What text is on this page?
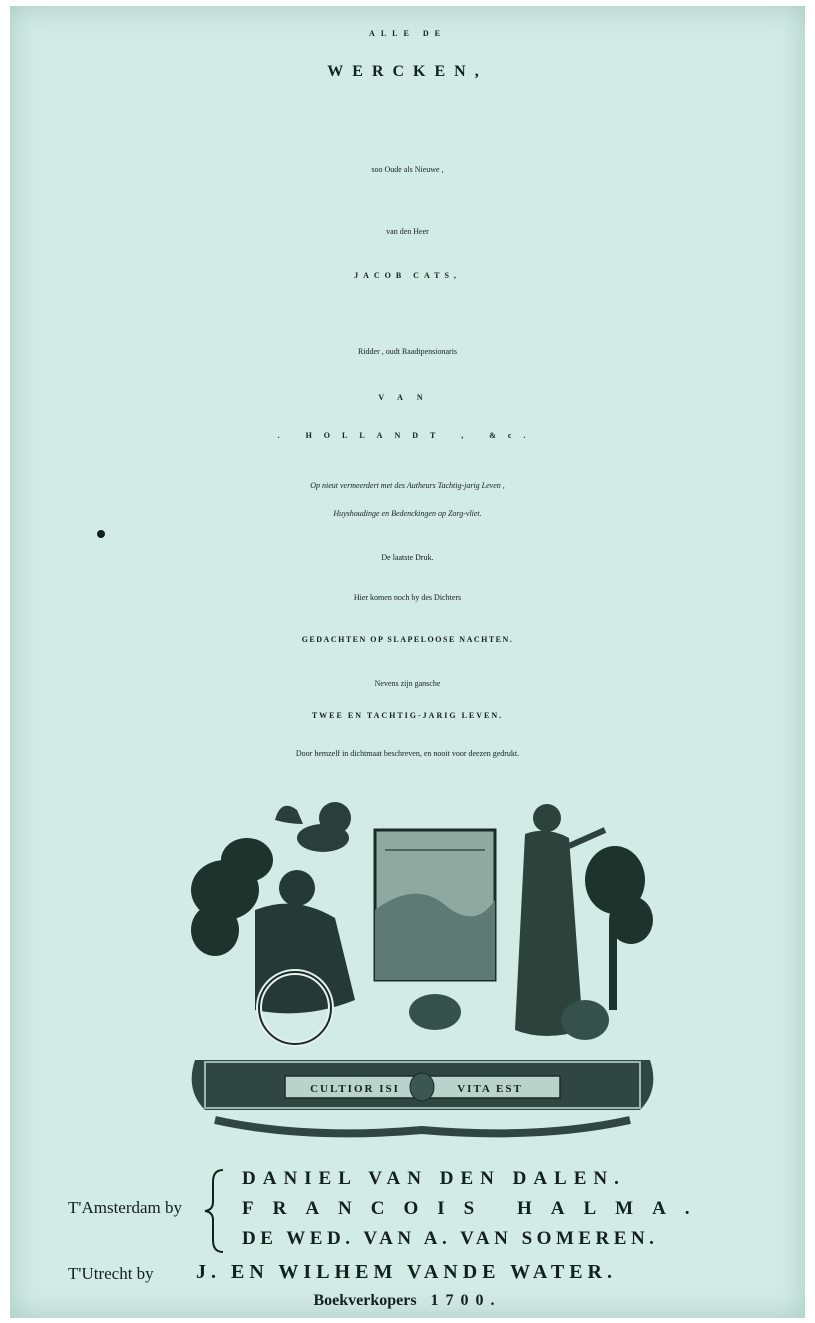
ALLE DE
WERCKEN,
soo Oude als Nieuwe ,
van den Heer
JACOB CATS,
Ridder , oudt Raadtpensionaris
VAN
. HOLLANDT , &c.
Op nieut vermeerdert met des Autheurs Tachtig-jarig Leven ,
Huyshoudinge en Bedenckingen op Zorg-vliet.
De laatste Druk.
Hier komen noch by des Dichters
GEDACHTEN OP SLAPELOOSE NACHTEN.
Nevens zijn gansche
TWEE EN TACHTIG-JARIG LEVEN.
Door hemzelf in dichtmaat beschreven, en nooit voor deezen gedrukt.
CULTIOR ISI	VITA EST
T'Amsterdam by
DANIEL VAN DEN DALEN.
FRANCOIS HALMA.
DE WED. VAN A. VAN SOMEREN.
T'Utrecht by J. EN WILHEM VANDE WATER.
Boekverkopers 1700.
